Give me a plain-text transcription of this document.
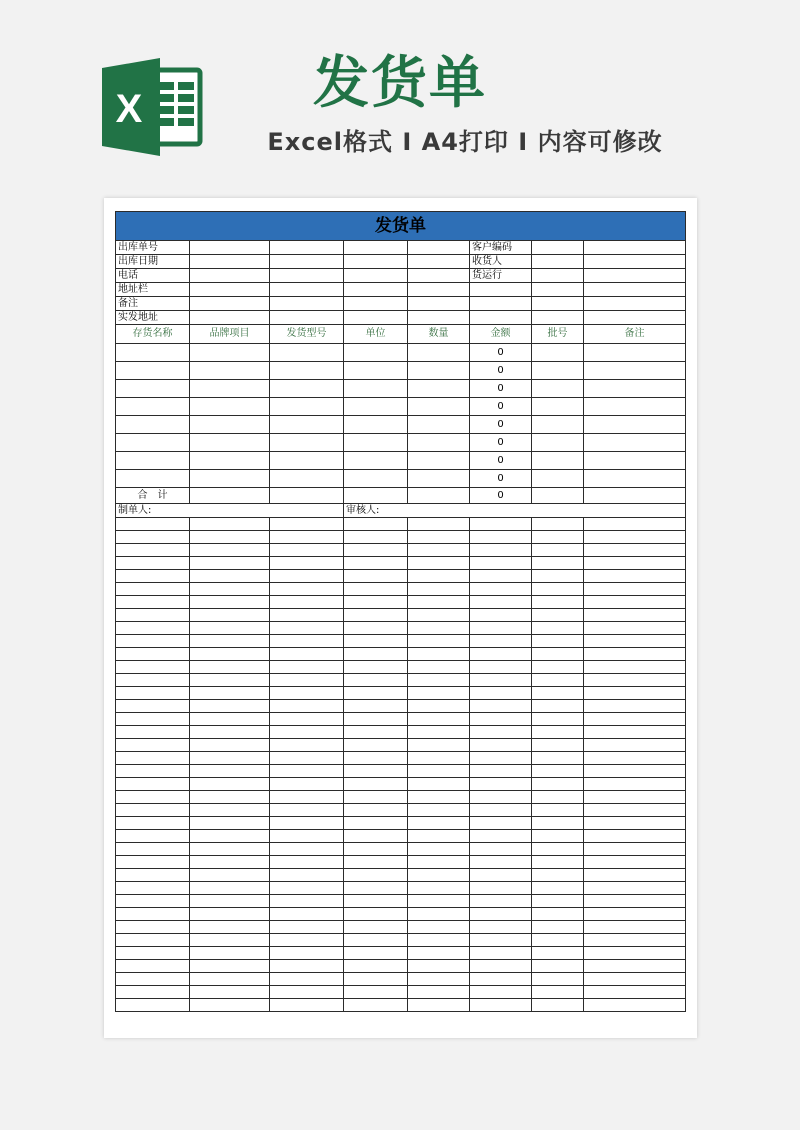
X	发货单
Excel格式 Ⅰ A4打印 Ⅰ 内容可修改
发货单							
出库单号					客户编码		
出库日期					收货人		
电话					货运行		
地址栏							
备注							
实发地址							
存货名称	品牌项目	发货型号	单位	数量	金额	批号	备注
					0		
					0		
					0		
					0		
					0		
					0		
					0		
					0		
合　计					0		
制单人:			审核人:				
